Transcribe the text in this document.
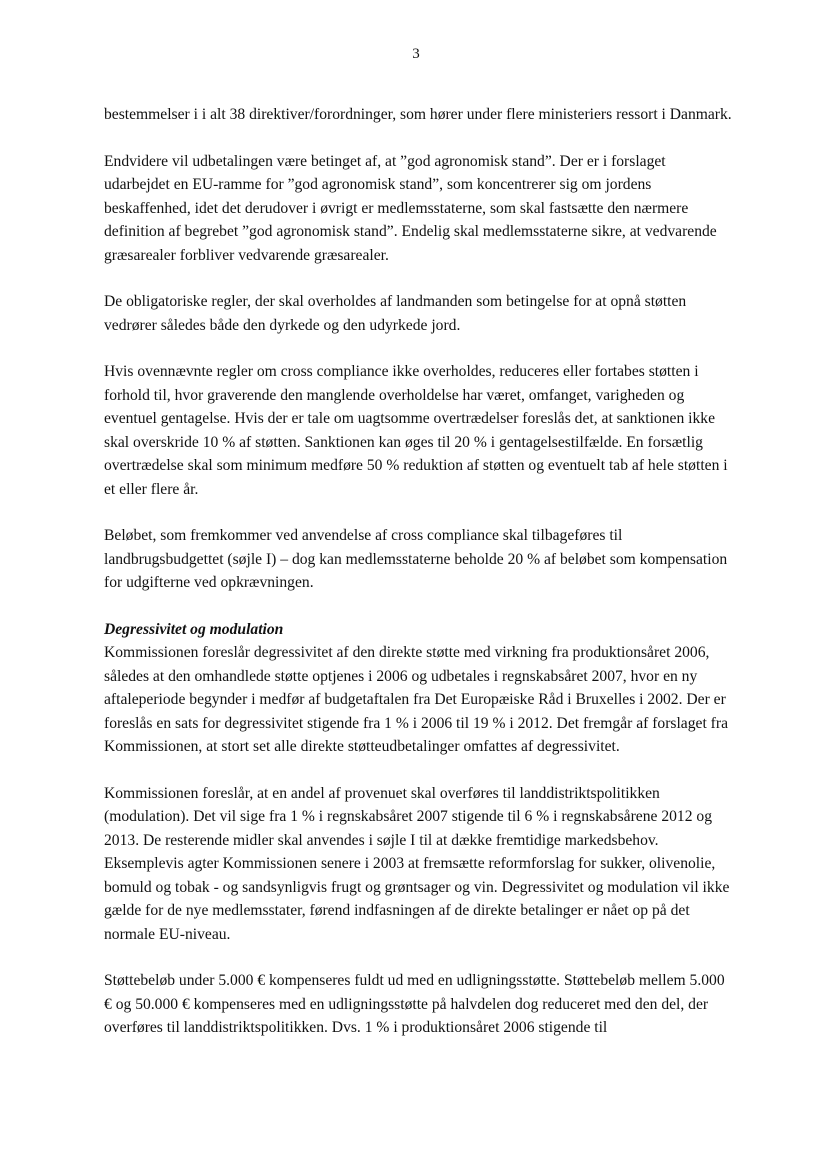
3

bestemmelser i i alt 38 direktiver/forordninger, som hører under flere ministeriers ressort i Danmark.

Endvidere vil udbetalingen være betinget af, at ”god agronomisk stand”. Der er i forslaget udarbejdet en EU-ramme for ”god agronomisk stand”, som koncentrerer sig om jordens beskaffenhed, idet det derudover i øvrigt er medlemsstaterne, som skal fastsætte den nærmere definition af begrebet ”god agronomisk stand”. Endelig skal medlemsstaterne sikre, at vedvarende græsarealer forbliver vedvarende græsarealer.

De obligatoriske regler, der skal overholdes af landmanden som betingelse for at opnå støtten vedrører således både den dyrkede og den udyrkede jord.

Hvis ovennævnte regler om cross compliance ikke overholdes, reduceres eller fortabes støtten i forhold til, hvor graverende den manglende overholdelse har været, omfanget, varigheden og eventuel gentagelse. Hvis der er tale om uagtsomme overtrædelser foreslås det, at sanktionen ikke skal overskride 10 % af støtten. Sanktionen kan øges til 20 % i gentagelsestilfælde. En forsætlig overtrædelse skal som minimum medføre 50 % reduktion af støtten og eventuelt tab af hele støtten i et eller flere år.

Beløbet, som fremkommer ved anvendelse af cross compliance skal tilbageføres til landbrugsbudgettet (søjle I) – dog kan medlemsstaterne beholde 20 % af beløbet som kompensation for udgifterne ved opkrævningen.

Degressivitet og modulation

Kommissionen foreslår degressivitet af den direkte støtte med virkning fra produktionsåret 2006, således at den omhandlede støtte optjenes i 2006 og udbetales i regnskabsåret 2007, hvor en ny aftaleperiode begynder i medfør af budgetaftalen fra Det Europæiske Råd i Bruxelles i 2002. Der er foreslås en sats for degressivitet stigende fra 1 % i 2006 til 19 % i 2012. Det fremgår af forslaget fra Kommissionen, at stort set alle direkte støtteudbetalinger omfattes af degressivitet.

Kommissionen foreslår, at en andel af provenuet skal overføres til landdistriktspolitikken (modulation). Det vil sige fra 1 % i regnskabsåret 2007 stigende til 6 % i regnskabsårene 2012 og 2013. De resterende midler skal anvendes i søjle I til at dække fremtidige markedsbehov. Eksemplevis agter Kommissionen senere i 2003 at fremsætte reformforslag for sukker, olivenolie, bomuld og tobak - og sandsynligvis frugt og grøntsager og vin. Degressivitet og modulation vil ikke gælde for de nye medlemsstater, førend indfasningen af de direkte betalinger er nået op på det normale EU-niveau.

Støttebeløb under 5.000 € kompenseres fuldt ud med en udligningsstøtte. Støttebeløb mellem 5.000 € og 50.000 € kompenseres med en udligningsstøtte på halvdelen dog reduceret med den del, der overføres til landdistriktspolitikken. Dvs. 1 % i produktionsåret 2006 stigende til
